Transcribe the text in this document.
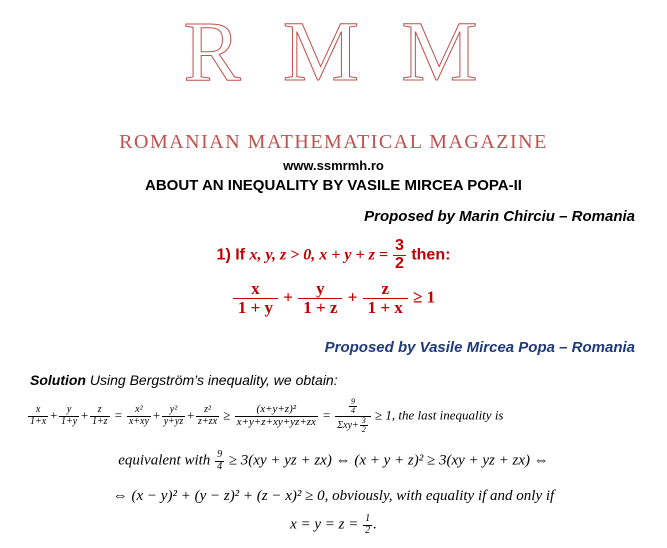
R M M
ROMANIAN MATHEMATICAL MAGAZINE
www.ssmrmh.ro
ABOUT AN INEQUALITY BY VASILE MIRCEA POPA-II
Proposed by Marin Chirciu – Romania
1) If x, y, z > 0, $x + y + z = \frac{3}{2}$ then:
$\frac{x}{1 + y} + \frac{y}{1 + z} + \frac{z}{1 + x} \ge 1$
Proposed by Vasile Mircea Popa – Romania
Solution Using Bergström’s inequality, we obtain:
$\frac{x}{1+x} + \frac{y}{1+y} + \frac{z}{1+z} = \frac{\text{x²}}{x+xy} + \frac{\text{y²}}{y+yz} + \frac{\text{z²}}{z+zx} \ge \frac{\text{(x+y+z)²}}{x+y+z+xy+yz+zx} = \frac{\frac{9}{4}}{\Sigma xy+ \frac{3}{2}} \ge 1$, the last inequality is
equivalent with $\frac{9}{4} \ge 3(xy$ + yz + zx) ⇔ (x + y + z)² ≥ 3(xy + yz + zx) ⇔
⇔ (x − y)² + (y − z)² + (z − x)² ≥ 0, obviously, with equality if and only if
$x = y = z = \frac{1}{2}$ .
